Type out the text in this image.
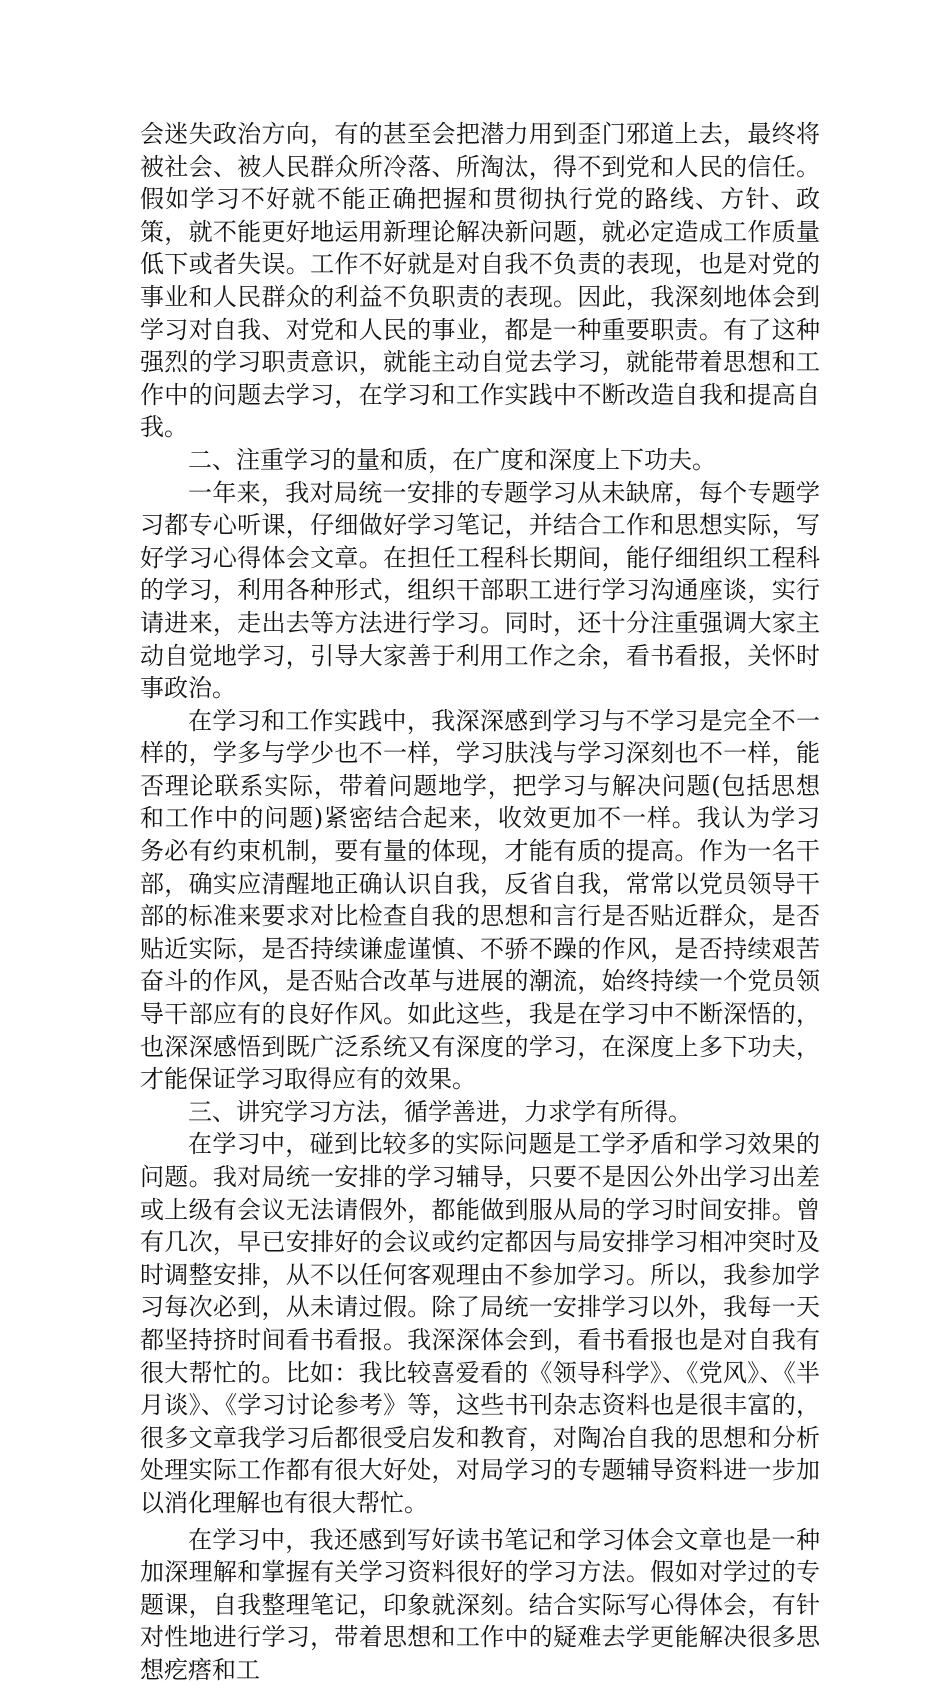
会迷失政治方向，有的甚至会把潜力用到歪门邪道上去，最终将被社会、被人民群众所冷落、所淘汰，得不到党和人民的信任。假如学习不好就不能正确把握和贯彻执行党的路线、方针、政策，就不能更好地运用新理论解决新问题，就必定造成工作质量低下或者失误。工作不好就是对自我不负责的表现，也是对党的事业和人民群众的利益不负职责的表现。因此，我深刻地体会到学习对自我、对党和人民的事业，都是一种重要职责。有了这种强烈的学习职责意识，就能主动自觉去学习，就能带着思想和工作中的问题去学习，在学习和工作实践中不断改造自我和提高自我。

二、注重学习的量和质，在广度和深度上下功夫。

一年来，我对局统一安排的专题学习从未缺席，每个专题学习都专心听课，仔细做好学习笔记，并结合工作和思想实际，写好学习心得体会文章。在担任工程科长期间，能仔细组织工程科的学习，利用各种形式，组织干部职工进行学习沟通座谈，实行请进来，走出去等方法进行学习。同时，还十分注重强调大家主动自觉地学习，引导大家善于利用工作之余，看书看报，关怀时事政治。

在学习和工作实践中，我深深感到学习与不学习是完全不一样的，学多与学少也不一样，学习肤浅与学习深刻也不一样，能否理论联系实际，带着问题地学，把学习与解决问题(包括思想和工作中的问题)紧密结合起来，收效更加不一样。我认为学习务必有约束机制，要有量的体现，才能有质的提高。作为一名干部，确实应清醒地正确认识自我，反省自我，常常以党员领导干部的标准来要求对比检查自我的思想和言行是否贴近群众，是否贴近实际，是否持续谦虚谨慎、不骄不躁的作风，是否持续艰苦奋斗的作风，是否贴合改革与进展的潮流，始终持续一个党员领导干部应有的良好作风。如此这些，我是在学习中不断深悟的，也深深感悟到既广泛系统又有深度的学习，在深度上多下功夫，才能保证学习取得应有的效果。

三、讲究学习方法，循学善进，力求学有所得。

在学习中，碰到比较多的实际问题是工学矛盾和学习效果的问题。我对局统一安排的学习辅导，只要不是因公外出学习出差或上级有会议无法请假外，都能做到服从局的学习时间安排。曾有几次，早已安排好的会议或约定都因与局安排学习相冲突时及时调整安排，从不以任何客观理由不参加学习。所以，我参加学习每次必到，从未请过假。除了局统一安排学习以外，我每一天都坚持挤时间看书看报。我深深体会到，看书看报也是对自我有很大帮忙的。比如：我比较喜爱看的《领导科学》、《党风》、《半月谈》、《学习讨论参考》等，这些书刊杂志资料也是很丰富的，很多文章我学习后都很受启发和教育，对陶冶自我的思想和分析处理实际工作都有很大好处，对局学习的专题辅导资料进一步加以消化理解也有很大帮忙。

在学习中，我还感到写好读书笔记和学习体会文章也是一种加深理解和掌握有关学习资料很好的学习方法。假如对学过的专题课，自我整理笔记，印象就深刻。结合实际写心得体会，有针对性地进行学习，带着思想和工作中的疑难去学更能解决很多思想疙瘩和工
